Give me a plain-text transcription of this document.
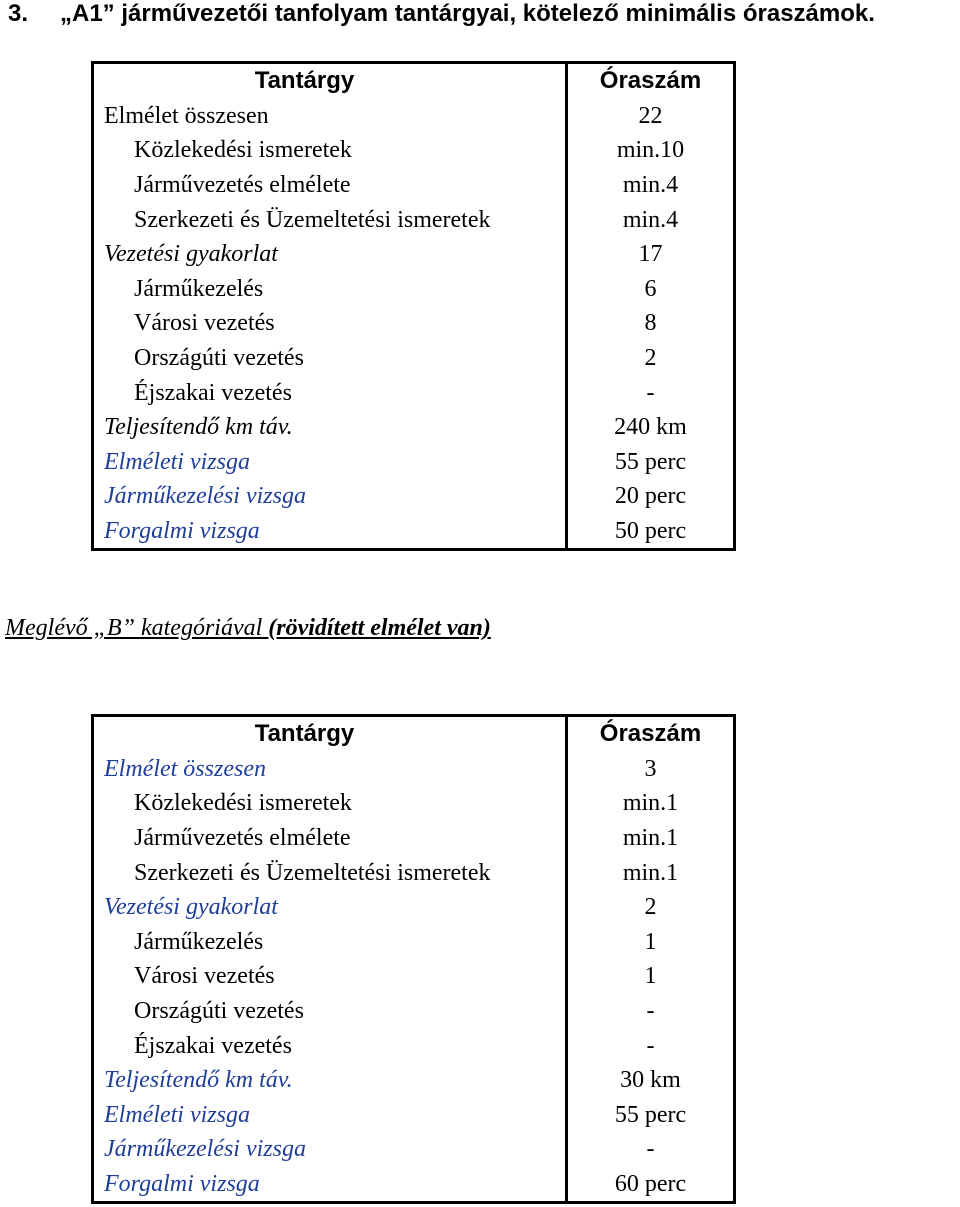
3. „A1” járművezetői tanfolyam tantárgyai, kötelező minimális óraszámok.
Tantárgy	Óraszám
Elmélet összesen	22
Közlekedési ismeretek	min.10
Járművezetés elmélete	min.4
Szerkezeti és Üzemeltetési ismeretek	min.4
Vezetési gyakorlat	17
Járműkezelés	6
Városi vezetés	8
Országúti vezetés	2
Éjszakai vezetés	-
Teljesítendő km táv.	240 km
Elméleti vizsga	55 perc
Járműkezelési vizsga	20 perc
Forgalmi vizsga	50 perc
Meglévő „B” kategóriával (rövidített elmélet van)
Tantárgy	Óraszám
Elmélet összesen	3
Közlekedési ismeretek	min.1
Járművezetés elmélete	min.1
Szerkezeti és Üzemeltetési ismeretek	min.1
Vezetési gyakorlat	2
Járműkezelés	1
Városi vezetés	1
Országúti vezetés	-
Éjszakai vezetés	-
Teljesítendő km táv.	30 km
Elméleti vizsga	55 perc
Járműkezelési vizsga	-
Forgalmi vizsga	60 perc
